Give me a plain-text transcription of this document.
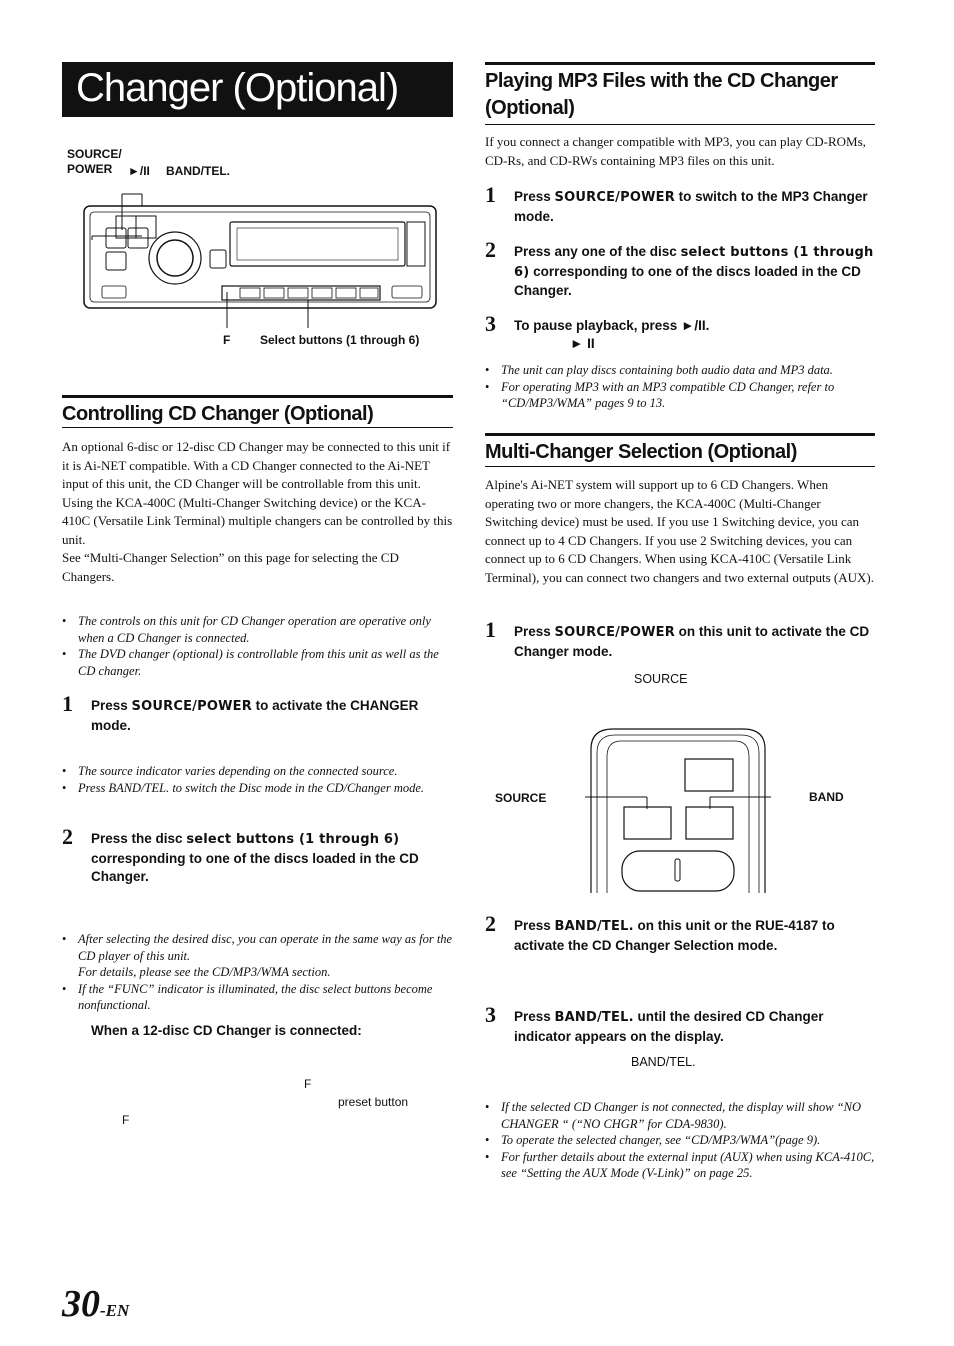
Changer (Optional)
SOURCE/
POWER	►/II BAND/TEL.
F Select buttons (1 through 6)
Controlling CD Changer (Optional)
An optional 6-disc or 12-disc CD Changer may be connected to this unit if it is Ai-NET compatible. With a CD Changer connected to the Ai-NET input of this unit, the CD Changer will be controllable from this unit.
Using the KCA-400C (Multi-Changer Switching device) or the KCA-410C (Versatile Link Terminal) multiple changers can be controlled by this unit.
See “Multi-Changer Selection” on this page for selecting the CD Changers.
• The controls on this unit for CD Changer operation are operative only when a CD Changer is connected.
• The DVD changer (optional) is controllable from this unit as well as the CD changer.
1 Press SOURCE/POWER to activate the CHANGER mode.
• The source indicator varies depending on the connected source.
• Press BAND/TEL. to switch the Disc mode in the CD/Changer mode.
2 Press the disc select buttons (1 through 6) corresponding to one of the discs loaded in the CD Changer.
• After selecting the desired disc, you can operate in the same way as for the CD player of this unit.
For details, please see the CD/MP3/WMA section.
• If the “FUNC” indicator is illuminated, the disc select buttons become nonfunctional.
When a 12-disc CD Changer is connected:
F
preset button
F
30-EN
Playing MP3 Files with the CD Changer (Optional)
If you connect a changer compatible with MP3, you can play CD-ROMs, CD-Rs, and CD-RWs containing MP3 files on this unit.
1 Press SOURCE/POWER to switch to the MP3 Changer mode.
2 Press any one of the disc select buttons (1 through 6) corresponding to one of the discs loaded in the CD Changer.
3 To pause playback, press ►/II.
► II
• The unit can play discs containing both audio data and MP3 data.
• For operating MP3 with an MP3 compatible CD Changer, refer to “CD/MP3/WMA” pages 9 to 13.
Multi-Changer Selection (Optional)
Alpine's Ai-NET system will support up to 6 CD Changers. When operating two or more changers, the KCA-400C (Multi-Changer Switching device) must be used. If you use 1 Switching device, you can connect up to 4 CD Changers. If you use 2 Switching devices, you can connect up to 6 CD Changers. When using KCA-410C (Versatile Link Terminal), you can connect two changers and two external outputs (AUX).
1 Press SOURCE/POWER on this unit to activate the CD Changer mode.
SOURCE
SOURCE	BAND
2 Press BAND/TEL. on this unit or the RUE-4187 to activate the CD Changer Selection mode.
3 Press BAND/TEL. until the desired CD Changer indicator appears on the display.
BAND/TEL.
• If the selected CD Changer is not connected, the display will show “NO CHANGER “ (“NO CHGR” for CDA-9830).
• To operate the selected changer, see “CD/MP3/WMA”(page 9).
• For further details about the external input (AUX) when using KCA-410C, see “Setting the AUX Mode (V-Link)” on page 25.
